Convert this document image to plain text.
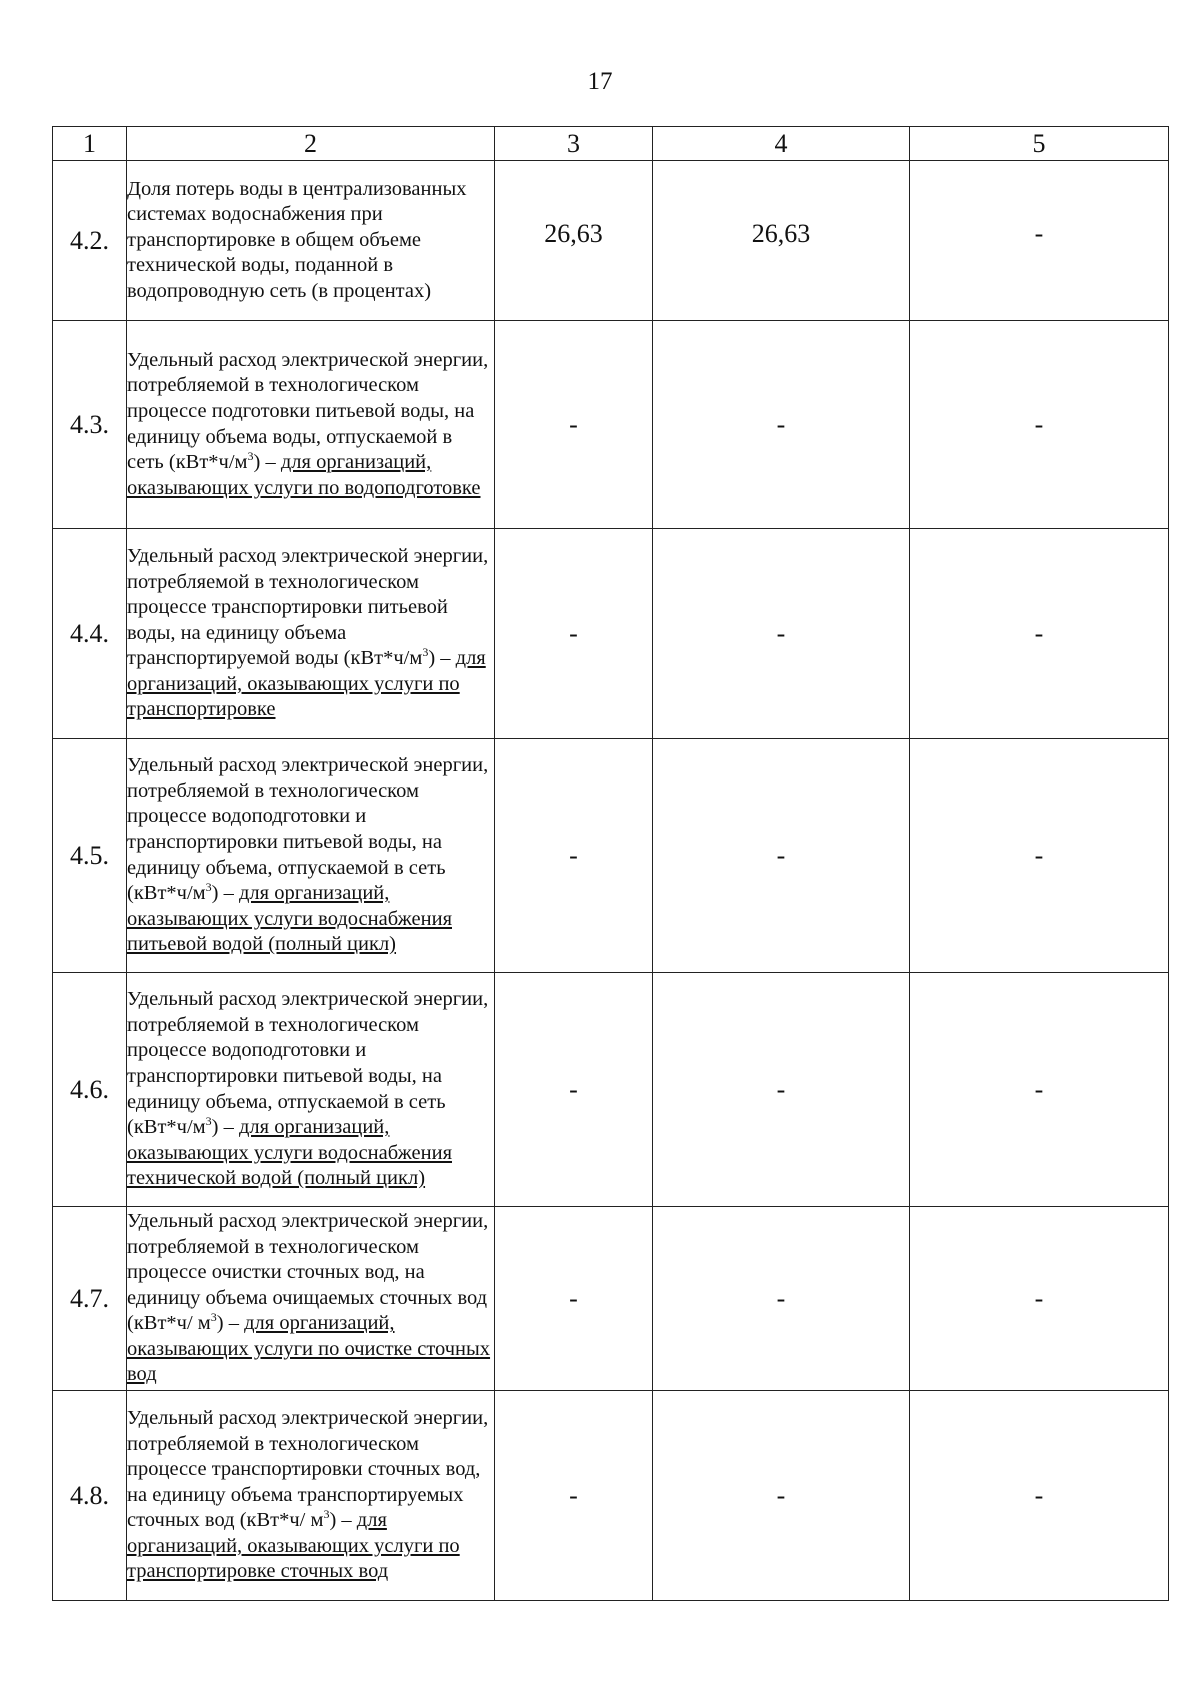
17
1	2	3	4	5
4.2.	Доля потерь воды в централизованных системах водоснабжения при транспортировке в общем объеме технической воды, поданной в водопроводную сеть (в процентах)	26,63	26,63	-
4.3.	Удельный расход электрической энергии, потребляемой в технологическом процессе подготовки питьевой воды, на единицу объема воды, отпускаемой в сеть $(кВт*ч/м^3)$ – для организаций, оказывающих услуги по водоподготовке	-	-	-
4.4.	Удельный расход электрической энергии, потребляемой в технологическом процессе транспортировки питьевой воды, на единицу объема транспортируемой воды $(кВт*ч/м^3)$ – для организаций, оказывающих услуги по транспортировке	-	-	-
4.5.	Удельный расход электрической энергии, потребляемой в технологическом процессе водоподготовки и транспортировки питьевой воды, на единицу объема, отпускаемой в сеть $(кВт*ч/м^3)$ – для организаций, оказывающих услуги водоснабжения питьевой водой (полный цикл)	-	-	-
4.6.	Удельный расход электрической энергии, потребляемой в технологическом процессе водоподготовки и транспортировки питьевой воды, на единицу объема, отпускаемой в сеть $(кВт*ч/м^3)$ – для организаций, оказывающих услуги водоснабжения технической водой (полный цикл)	-	-	-
4.7.	Удельный расход электрической энергии, потребляемой в технологическом процессе очистки сточных вод, на единицу объема очищаемых сточных вод (кВт*ч/ $м^3$) – для организаций, оказывающих услуги по очистке сточных вод	-	-	-
4.8.	Удельный расход электрической энергии, потребляемой в технологическом процессе транспортировки сточных вод, на единицу объема транспортируемых сточных вод (кВт*ч/ $м^3$) – для организаций, оказывающих услуги по транспортировке сточных вод	-	-	-
